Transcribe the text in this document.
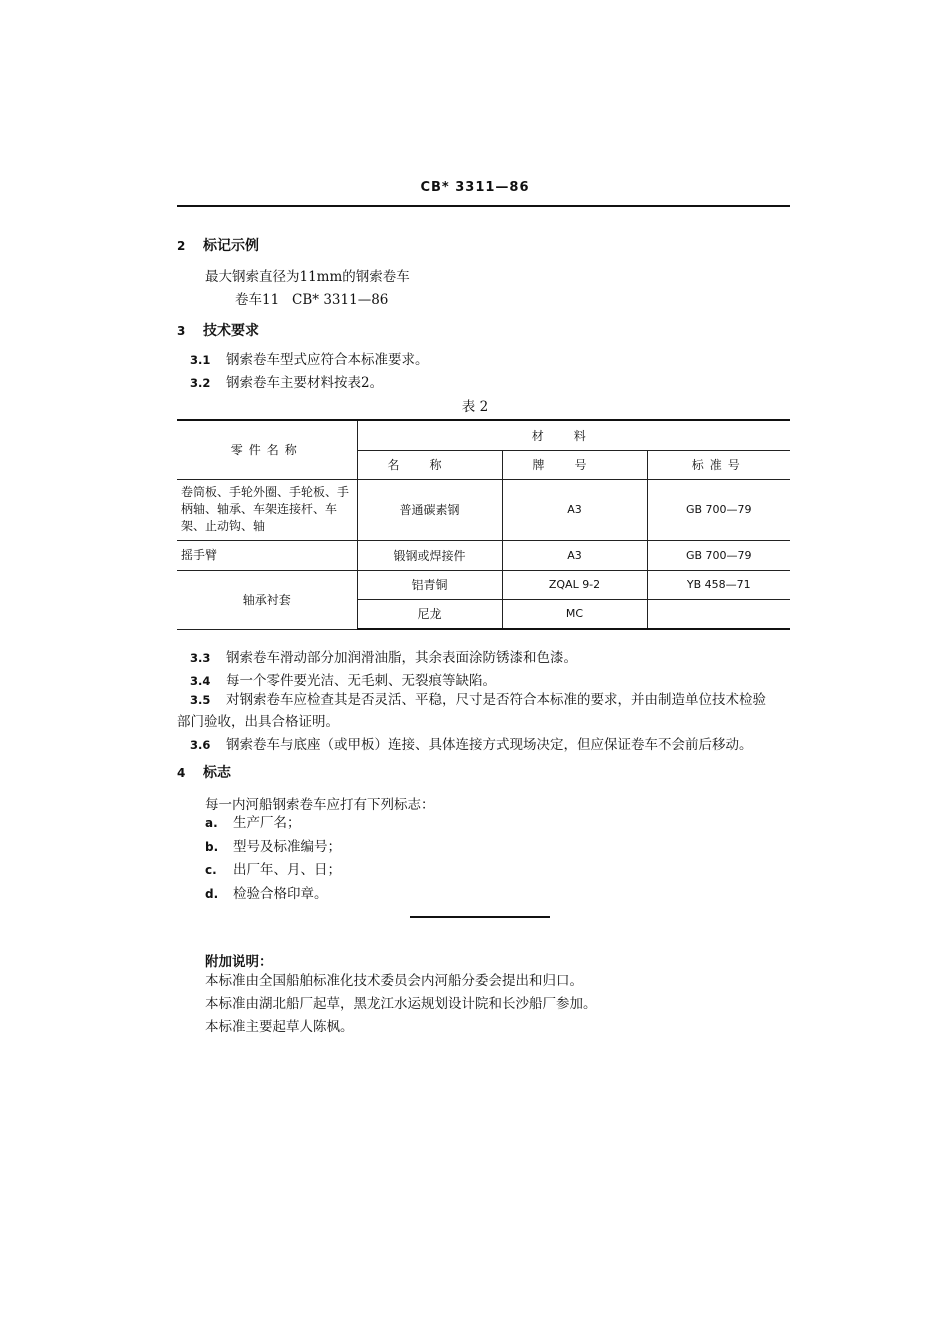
CB* 3311—86
2 标记示例
最大钢索直径为11mm的钢索卷车
卷车11   CB* 3311—86
3 技术要求
3.1 钢索卷车型式应符合本标准要求。
3.2 钢索卷车主要材料按表2。
表 2
零件名称	材料		
	名称	牌号	标准号
卷筒板、手轮外圈、手轮板、手柄轴、轴承、车架连接杆、车架、止动钩、轴	普通碳素钢	A3	GB 700—79
摇手臂	锻钢或焊接件	A3	GB 700—79
轴承衬套	铝青铜	ZQAL 9-2	YB 458—71
	尼龙	MC	
3.3 钢索卷车滑动部分加润滑油脂，其余表面涂防锈漆和色漆。
3.4 每一个零件要光洁、无毛刺、无裂痕等缺陷。
3.5 对钢索卷车应检查其是否灵活、平稳，尺寸是否符合本标准的要求，并由制造单位技术检验
部门验收，出具合格证明。
3.6 钢索卷车与底座（或甲板）连接、具体连接方式现场决定，但应保证卷车不会前后移动。
4 标志
每一内河船钢索卷车应打有下列标志：
a. 生产厂名；
b. 型号及标准编号；
c. 出厂年、月、日；
d. 检验合格印章。
附加说明：
本标准由全国船舶标准化技术委员会内河船分委会提出和归口。
本标准由湖北船厂起草，黑龙江水运规划设计院和长沙船厂参加。
本标准主要起草人陈枫。
